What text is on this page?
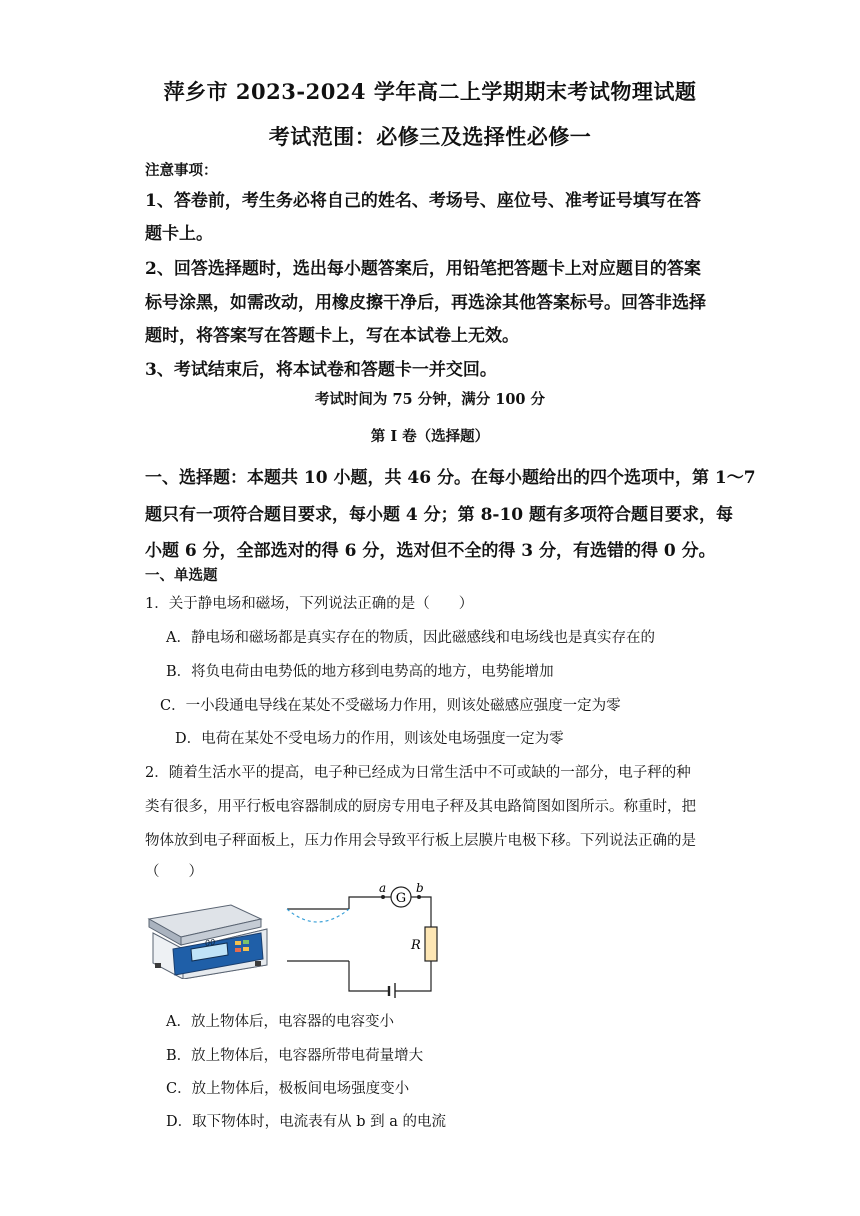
萍乡市 2023-2024 学年高二上学期期末考试物理试题
考试范围：必修三及选择性必修一
注意事项：
1、答卷前，考生务必将自己的姓名、考场号、座位号、准考证号填写在答
题卡上。
2、回答选择题时，选出每小题答案后，用铅笔把答题卡上对应题目的答案
标号涂黑，如需改动，用橡皮擦干净后，再选涂其他答案标号。回答非选择
题时，将答案写在答题卡上，写在本试卷上无效。
3、考试结束后，将本试卷和答题卡一并交回。
考试时间为 75 分钟，满分 100 分
第 I 卷（选择题）
一、选择题：本题共 10 小题，共 46 分。在每小题给出的四个选项中，第 1～7
题只有一项符合题目要求，每小题 4 分；第 8-10 题有多项符合题目要求，每
小题 6 分，全部选对的得 6 分，选对但不全的得 3 分，有选错的得 0 分。
一、单选题
1．关于静电场和磁场，下列说法正确的是（　　）
A．静电场和磁场都是真实存在的物质，因此磁感线和电场线也是真实存在的
B．将负电荷由电势低的地方移到电势高的地方，电势能增加
C．一小段通电导线在某处不受磁场力作用，则该处磁感应强度一定为零
D．电荷在某处不受电场力的作用，则该处电场强度一定为零
2．随着生活水平的提高，电子种已经成为日常生活中不可或缺的一部分，电子秤的种
类有很多，用平行板电容器制成的厨房专用电子秤及其电路简图如图所示。称重时，把
物体放到电子秤面板上，压力作用会导致平行板上层膜片电极下移。下列说法正确的是
（　　）
00
a
G
b
R
A．放上物体后，电容器的电容变小
B．放上物体后，电容器所带电荷量增大
C．放上物体后，极板间电场强度变小
D．取下物体时，电流表有从 b 到 a 的电流
